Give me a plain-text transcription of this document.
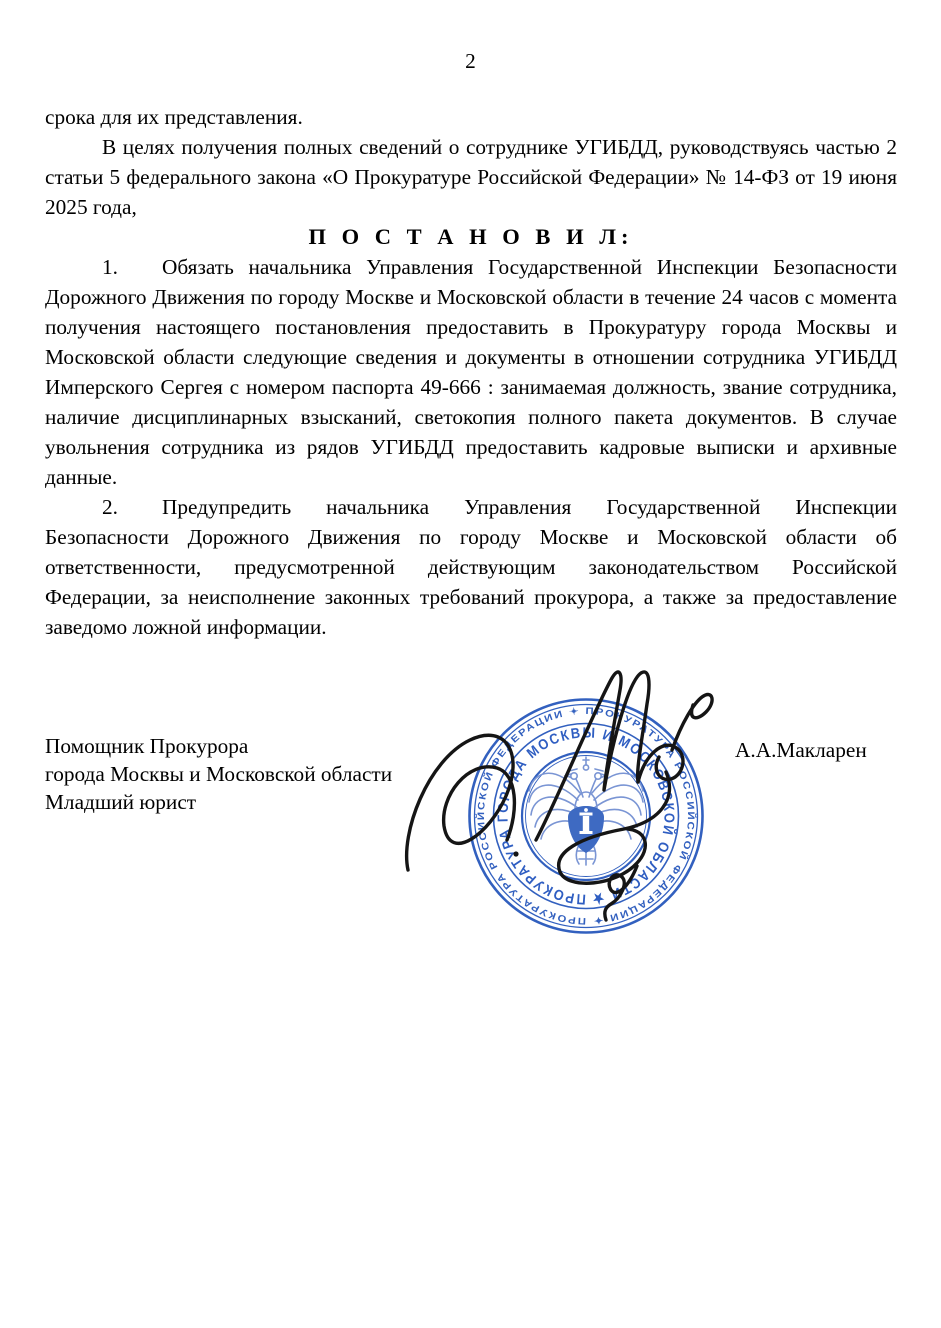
2

срока для их представления.

В целях получения полных сведений о сотруднике УГИБДД, руководствуясь частью 2 статьи 5 федерального закона «О Прокуратуре Российской Федерации» № 14-ФЗ от 19 июня 2025 года,

П О С Т А Н О В И Л:

1. Обязать начальника Управления Государственной Инспекции Безопасности Дорожного Движения по городу Москве и Московской области в течение 24 часов с момента получения настоящего постановления предоставить в Прокуратуру города Москвы и Московской области следующие сведения и документы в отношении сотрудника УГИБДД Имперского Сергея с номером паспорта 49-666 : занимаемая должность, звание сотрудника, наличие дисциплинарных взысканий, светокопия полного пакета документов. В случае увольнения сотрудника из рядов УГИБДД предоставить кадровые выписки и архивные данные.

2. Предупредить начальника Управления Государственной Инспекции Безопасности Дорожного Движения по городу Москве и Московской области об ответственности, предусмотренной действующим законодательством Российской Федерации, за неисполнение законных требований прокурора, а также за предоставление заведомо ложной информации.

Помощник Прокурора
города Москвы и Московской области
Младший юрист
А.А.Макларен
ПРОКУРАТУРА РОССИЙСКОЙ ФЕДЕРАЦИИ ✦ ПРОКУРАТУРА РОССИЙСКОЙ ФЕДЕРАЦИИ ✦
ПРОКУРАТУРА ГОРОДА МОСКВЫ И МОСКОВСКОЙ ОБЛАСТИ ★
